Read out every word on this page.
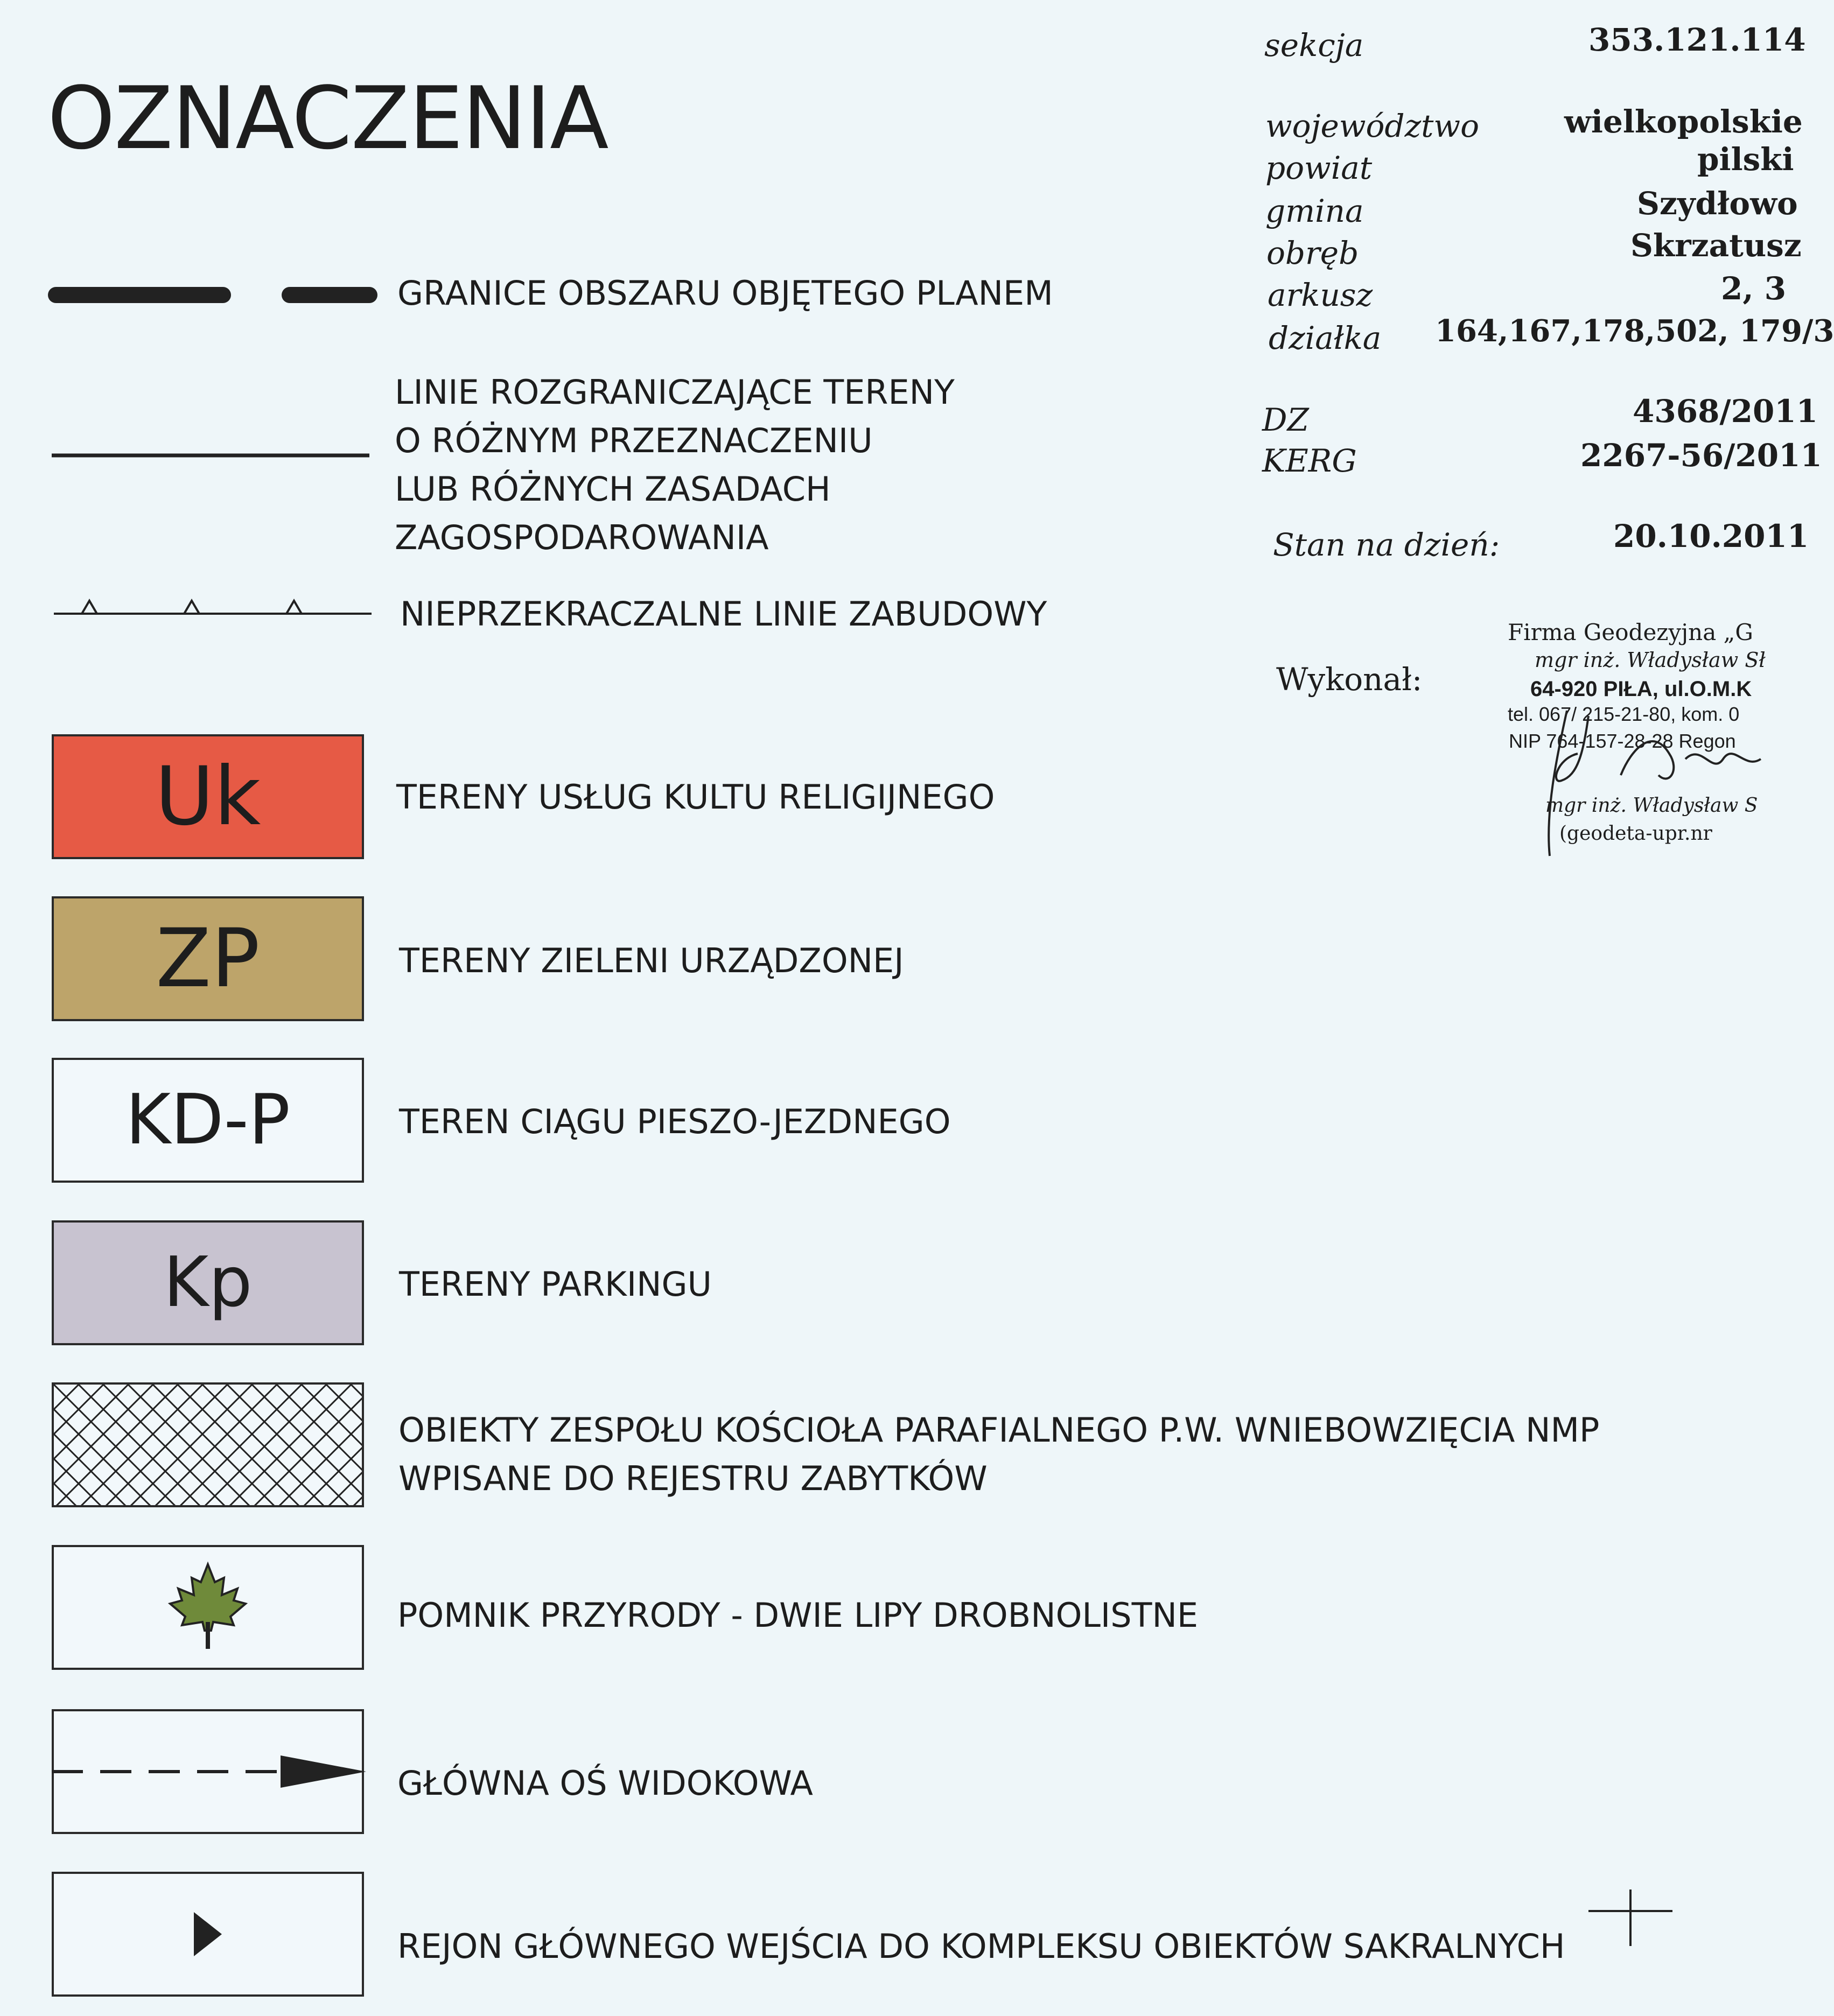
OZNACZENIA
GRANICE OBSZARU OBJĘTEGO PLANEM
LINIE ROZGRANICZAJĄCE TERENY
O RÓŻNYM PRZEZNACZENIU
LUB RÓŻNYCH ZASADACH
ZAGOSPODAROWANIA
NIEPRZEKRACZALNE LINIE ZABUDOWY
Uk	TERENY USŁUG KULTU RELIGIJNEGO
ZP	TERENY ZIELENI URZĄDZONEJ
KD-P	TEREN CIĄGU PIESZO-JEZDNEGO
Kp	TERENY PARKINGU
OBIEKTY ZESPOŁU KOŚCIOŁA PARAFIALNEGO P.W. WNIEBOWZIĘCIA NMP
WPISANE DO REJESTRU ZABYTKÓW
POMNIK PRZYRODY - DWIE LIPY DROBNOLISTNE
GŁÓWNA OŚ WIDOKOWA
REJON GŁÓWNEGO WEJŚCIA DO KOMPLEKSU OBIEKTÓW SAKRALNYCH
sekcja	353.121.114
województwo	wielkopolskie
powiat	pilski
gmina	Szydłowo
obręb	Skrzatusz
arkusz	2, 3
działka 164,167,178,502, 179/3
DZ	4368/2011
KERG	2267-56/2011
Stan na dzień:	20.10.2011
Wykonał:
Firma Geodezyjna „G
mgr inż. Władysław Sł
64-920 PIŁA, ul.O.M.K
tel. 067/ 215-21-80, kom. 0
NIP 764-157-28-28 Regon
mgr inż. Władysław S
(geodeta-upr.nr
